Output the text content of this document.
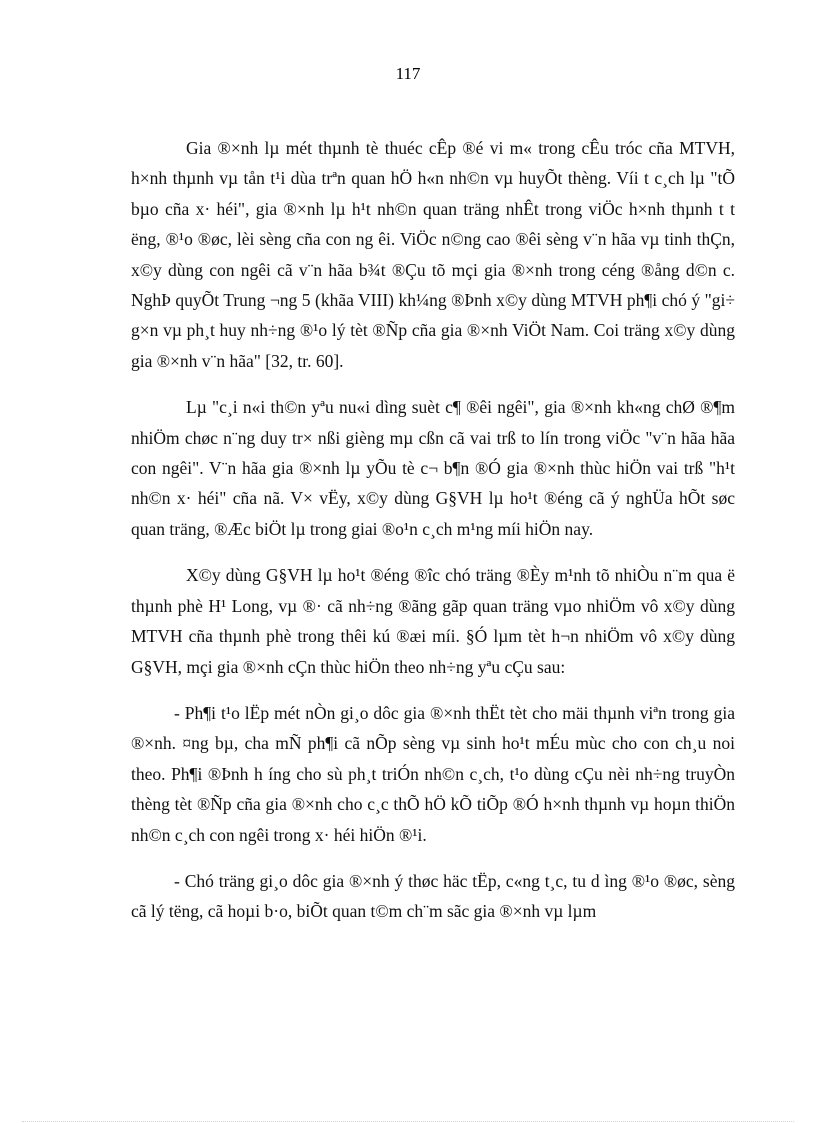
117

Gia ®×nh lµ mét thµnh tè thuéc cÊp ®é vi m« trong cÊu tróc cña MTVH, h×nh thµnh vµ tån t¹i dùa trªn quan hÖ h«n nh©n vµ huyÕt thèng. Víi t c¸ch lµ "tÕ bµo cña x· héi", gia ®×nh lµ h¹t nh©n quan träng nhÊt trong viÖc h×nh thµnh t t ëng, ®¹o ®øc, lèi sèng cña con ng êi. ViÖc n©ng cao ®êi sèng v¨n hãa vµ tinh thÇn, x©y dùng con ngêi cã v¨n hãa b¾t ®Çu tõ mçi gia ®×nh trong céng ®ång d©n c. NghÞ quyÕt Trung ¬ng 5 (khãa VIII) kh¼ng ®Þnh x©y dùng MTVH ph¶i chó ý "gi÷ g×n vµ ph¸t huy nh÷ng ®¹o lý tèt ®Ñp cña gia ®×nh ViÖt Nam. Coi träng x©y dùng gia ®×nh v¨n hãa" [32, tr. 60].

Lµ "c¸i n«i th©n yªu nu«i dìng suèt c¶ ®êi ngêi", gia ®×nh kh«ng chØ ®¶m nhiÖm chøc n¨ng duy tr× nßi gièng mµ cßn cã vai trß to lín trong viÖc "v¨n hãa hãa con ngêi". V¨n hãa gia ®×nh lµ yÕu tè c¬ b¶n ®Ó gia ®×nh thùc hiÖn vai trß "h¹t nh©n x· héi" cña nã. V× vËy, x©y dùng G§VH lµ ho¹t ®éng cã ý nghÜa hÕt søc quan träng, ®Æc biÖt lµ trong giai ®o¹n c¸ch m¹ng míi hiÖn nay.

X©y dùng G§VH lµ ho¹t ®éng ®îc chó träng ®Èy m¹nh tõ nhiÒu n¨m qua ë thµnh phè H¹ Long, vµ ®· cã nh÷ng ®ãng gãp quan träng vµo nhiÖm vô x©y dùng MTVH cña thµnh phè trong thêi kú ®æi míi. §Ó lµm tèt h¬n nhiÖm vô x©y dùng G§VH, mçi gia ®×nh cÇn thùc hiÖn theo nh÷ng yªu cÇu sau:

- Ph¶i t¹o lËp mét nÒn gi¸o dôc gia ®×nh thËt tèt cho mäi thµnh viªn trong gia ®×nh. ¤ng bµ, cha mÑ ph¶i cã nÕp sèng vµ sinh ho¹t mÉu mùc cho con ch¸u noi theo. Ph¶i ®Þnh h íng cho sù ph¸t triÓn nh©n c¸ch, t¹o dùng cÇu nèi nh÷ng truyÒn thèng tèt ®Ñp cña gia ®×nh cho c¸c thÕ hÖ kÕ tiÕp ®Ó h×nh thµnh vµ hoµn thiÖn nh©n c¸ch con ngêi trong x· héi hiÖn ®¹i.

- Chó träng gi¸o dôc gia ®×nh ý thøc häc tËp, c«ng t¸c, tu d ìng ®¹o ®øc, sèng cã lý tëng, cã hoµi b·o, biÕt quan t©m ch¨m sãc gia ®×nh vµ lµm
